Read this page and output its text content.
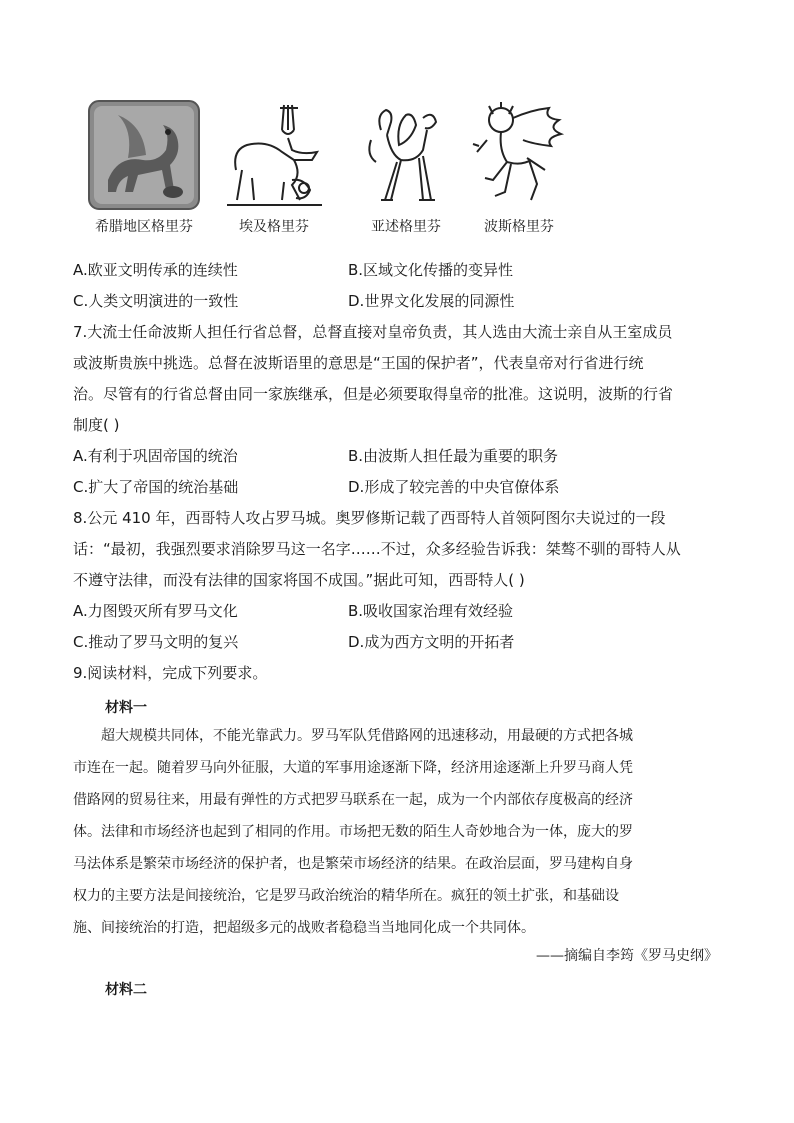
希腊地区格里芬	埃及格里芬	亚述格里芬	波斯格里芬
A.欧亚文明传承的连续性	B.区域文化传播的变异性
C.人类文明演进的一致性	D.世界文化发展的同源性
7.大流士任命波斯人担任行省总督，总督直接对皇帝负责，其人选由大流士亲自从王室成员
或波斯贵族中挑选。总督在波斯语里的意思是“王国的保护者”，代表皇帝对行省进行统
治。尽管有的行省总督由同一家族继承，但是必须要取得皇帝的批准。这说明，波斯的行省
制度( )
A.有利于巩固帝国的统治	B.由波斯人担任最为重要的职务
C.扩大了帝国的统治基础	D.形成了较完善的中央官僚体系
8.公元 410 年，西哥特人攻占罗马城。奥罗修斯记载了西哥特人首领阿图尔夫说过的一段
话：“最初，我强烈要求消除罗马这一名字……不过，众多经验告诉我：桀骜不驯的哥特人从
不遵守法律，而没有法律的国家将国不成国。”据此可知，西哥特人( )
A.力图毁灭所有罗马文化	B.吸收国家治理有效经验
C.推动了罗马文明的复兴	D.成为西方文明的开拓者
9.阅读材料，完成下列要求。
材料一
　　超大规模共同体，不能光靠武力。罗马军队凭借路网的迅速移动，用最硬的方式把各城
市连在一起。随着罗马向外征服，大道的军事用途逐渐下降，经济用途逐渐上升罗马商人凭
借路网的贸易往来，用最有弹性的方式把罗马联系在一起，成为一个内部依存度极高的经济
体。法律和市场经济也起到了相同的作用。市场把无数的陌生人奇妙地合为一体，庞大的罗
马法体系是繁荣市场经济的保护者，也是繁荣市场经济的结果。在政治层面，罗马建构自身
权力的主要方法是间接统治，它是罗马政治统治的精华所在。疯狂的领土扩张，和基础设
施、间接统治的打造，把超级多元的战败者稳稳当当地同化成一个共同体。
——摘编自李筠《罗马史纲》
材料二
